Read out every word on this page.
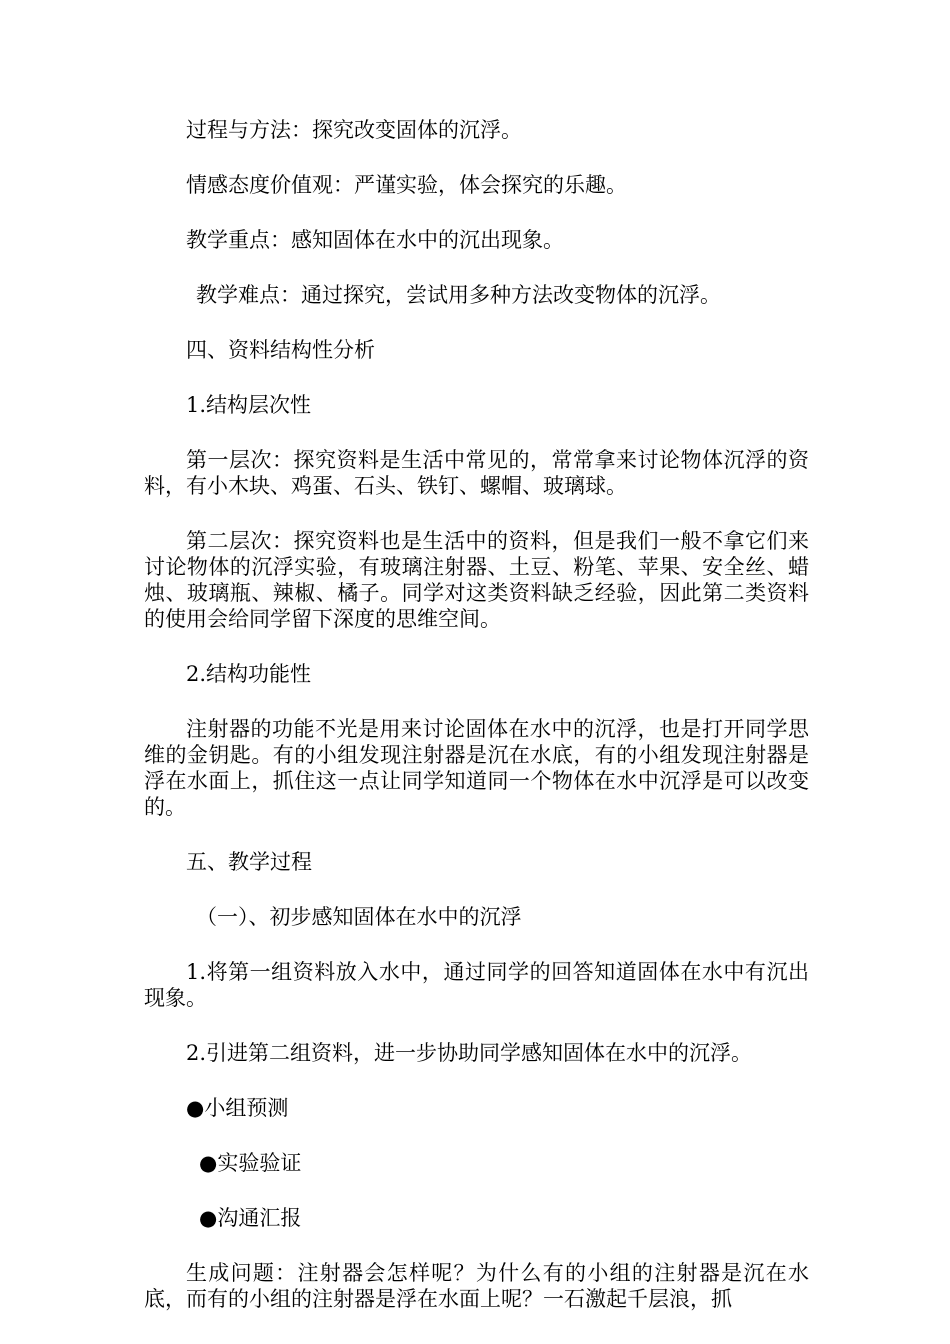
过程与方法：探究改变固体的沉浮。

情感态度价值观：严谨实验，体会探究的乐趣。

教学重点：感知固体在水中的沉出现象。

教学难点：通过探究，尝试用多种方法改变物体的沉浮。

四、资料结构性分析

1.结构层次性

第一层次：探究资料是生活中常见的，常常拿来讨论物体沉浮的资料，有小木块、鸡蛋、石头、铁钉、螺帽、玻璃球。

第二层次：探究资料也是生活中的资料，但是我们一般不拿它们来讨论物体的沉浮实验，有玻璃注射器、土豆、粉笔、苹果、安全丝、蜡烛、玻璃瓶、辣椒、橘子。同学对这类资料缺乏经验，因此第二类资料的使用会给同学留下深度的思维空间。

2.结构功能性

注射器的功能不光是用来讨论固体在水中的沉浮，也是打开同学思维的金钥匙。有的小组发现注射器是沉在水底，有的小组发现注射器是浮在水面上，抓住这一点让同学知道同一个物体在水中沉浮是可以改变的。

五、教学过程

（一）、初步感知固体在水中的沉浮

1.将第一组资料放入水中，通过同学的回答知道固体在水中有沉出现象。

2.引进第二组资料，进一步协助同学感知固体在水中的沉浮。

●小组预测

●实验验证

●沟通汇报

生成问题：注射器会怎样呢？为什么有的小组的注射器是沉在水底，而有的小组的注射器是浮在水面上呢？一石激起千层浪，抓
